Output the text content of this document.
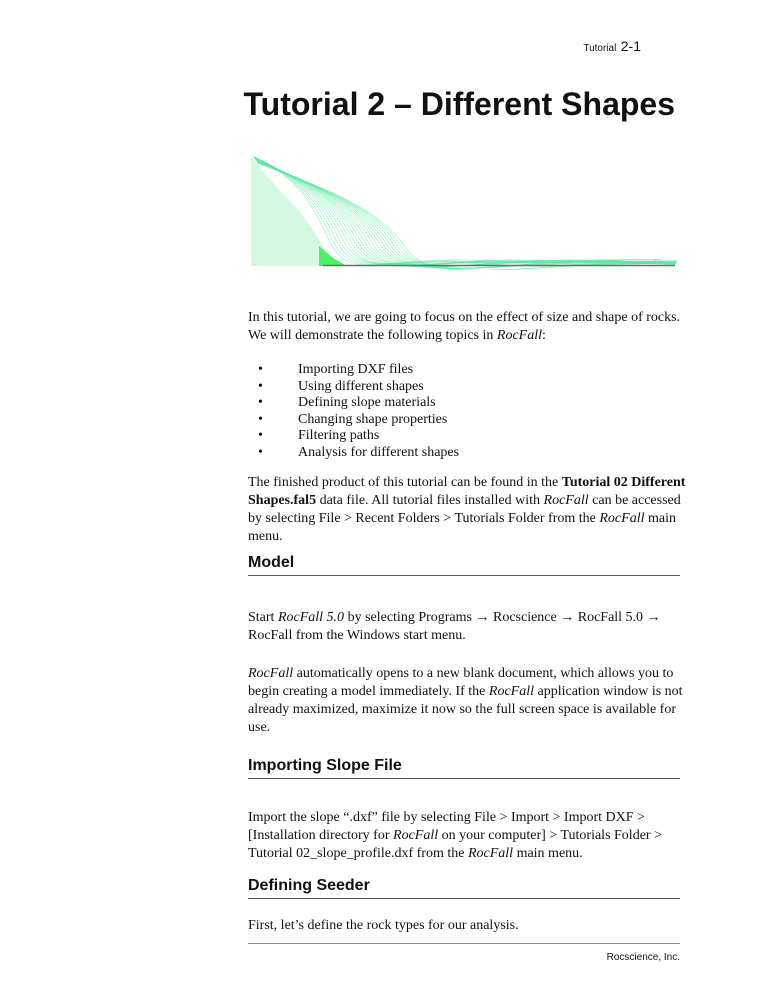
Tutorial 2-1
Tutorial 2 – Different Shapes

In this tutorial, we are going to focus on the effect of size and shape of rocks. We will demonstrate the following topics in RocFall:

• Importing DXF files
• Using different shapes
• Defining slope materials
• Changing shape properties
• Filtering paths
• Analysis for different shapes

The finished product of this tutorial can be found in the Tutorial 02 Different Shapes.fal5 data file. All tutorial files installed with RocFall can be accessed by selecting File > Recent Folders > Tutorials Folder from the RocFall main menu.

Model

Start RocFall 5.0 by selecting Programs → Rocscience → RocFall 5.0 → RocFall from the Windows start menu.

RocFall automatically opens to a new blank document, which allows you to begin creating a model immediately. If the RocFall application window is not already maximized, maximize it now so the full screen space is available for use.

Importing Slope File

Import the slope “.dxf” file by selecting File > Import > Import DXF > [Installation directory for RocFall on your computer] > Tutorials Folder > Tutorial 02_slope_profile.dxf from the RocFall main menu.

Defining Seeder

First, let’s define the rock types for our analysis.

Rocscience, Inc.
